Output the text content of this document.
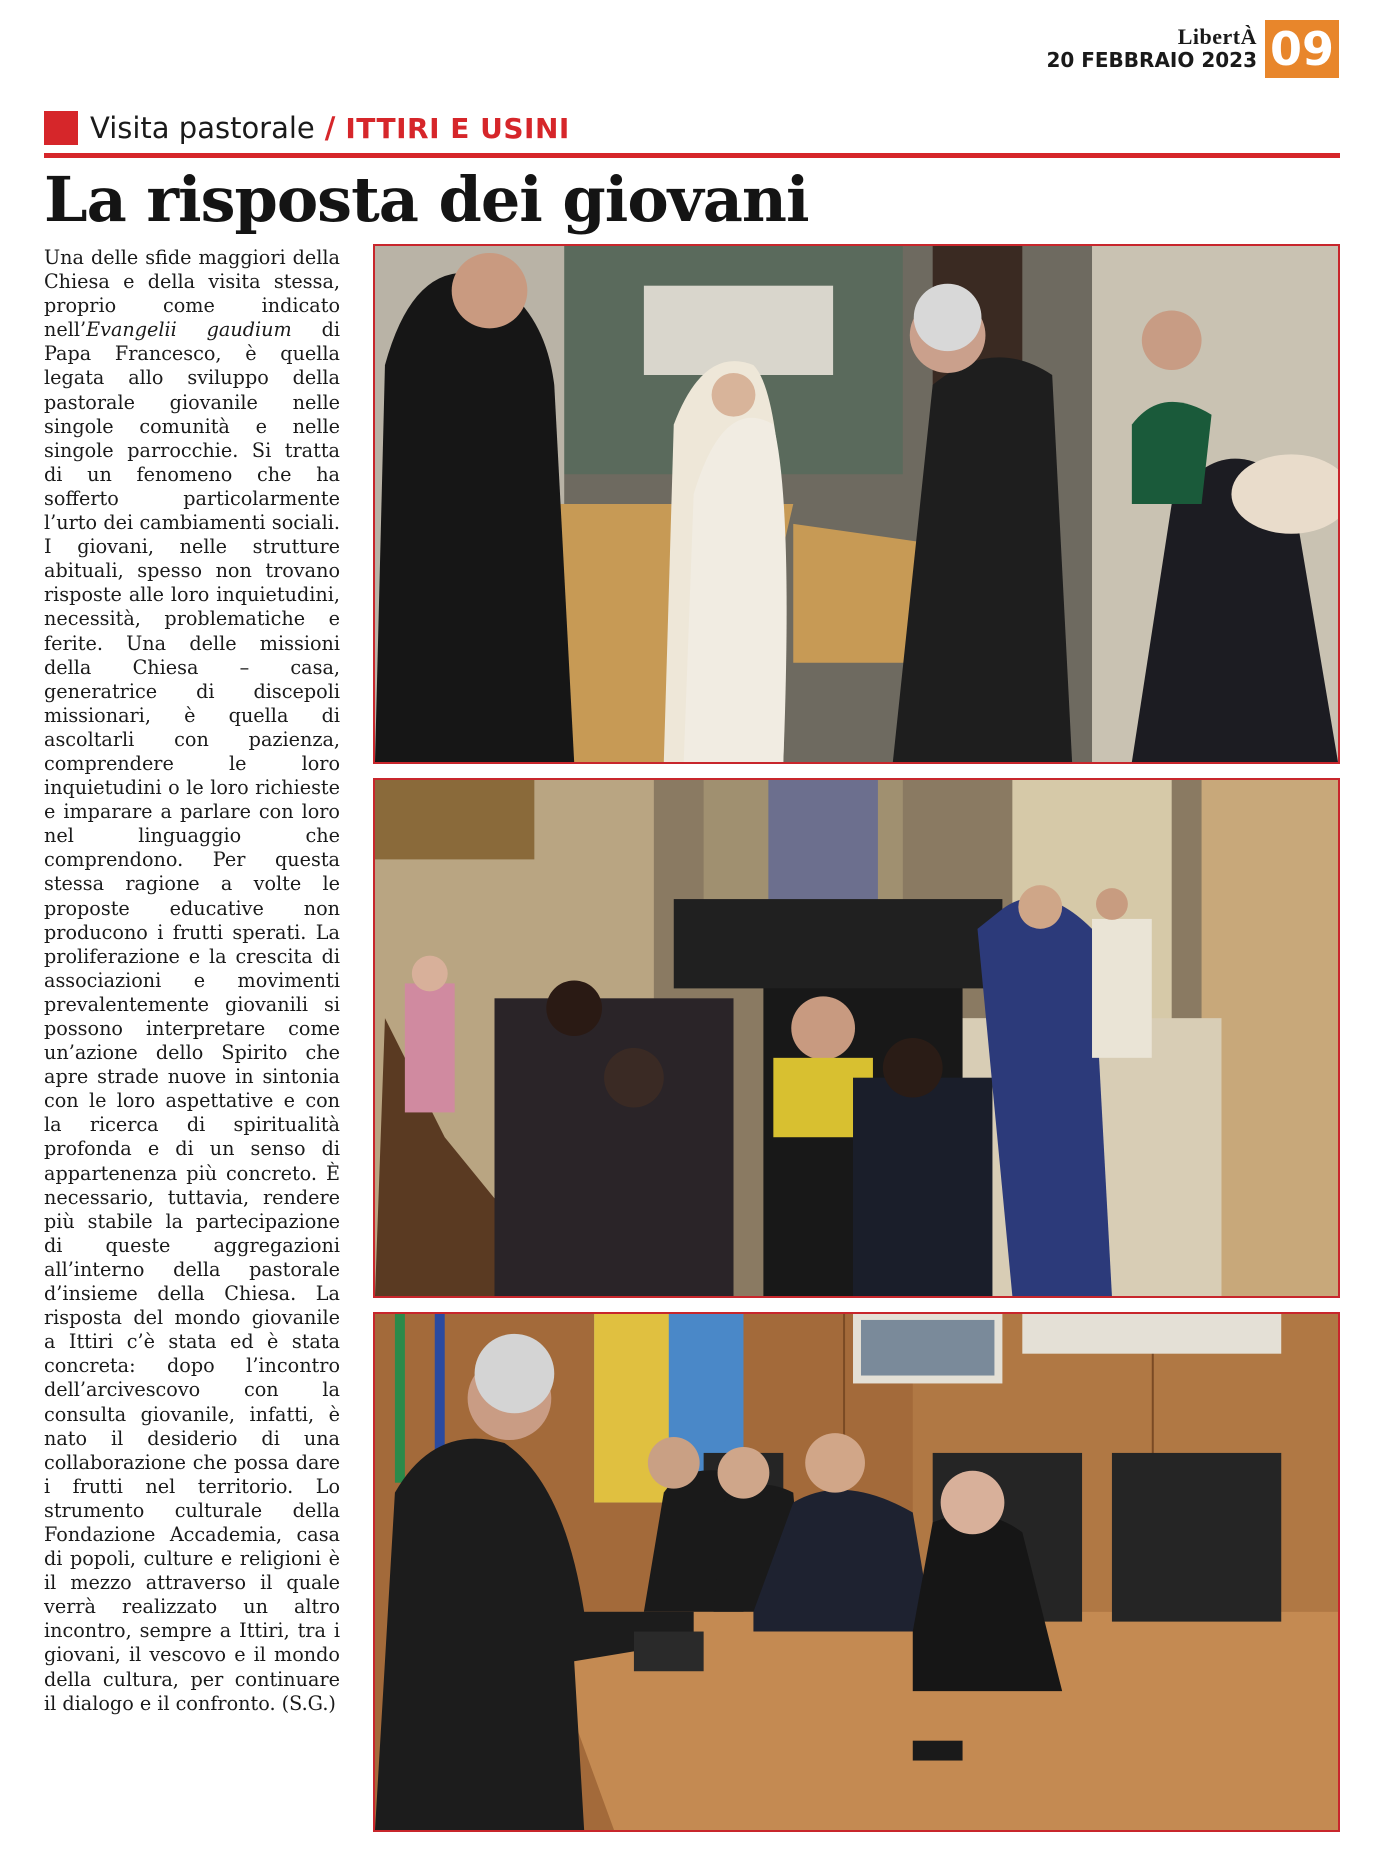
LibertÀ
20 FEBBRAIO 2023 09
Visita pastorale / ITTIRI E USINI
La risposta dei giovani

Una delle sfide maggiori della Chiesa e della visita stessa, proprio come indicato nell’Evangelii gaudium di Papa Francesco, è quella legata allo sviluppo della pastorale giovanile nelle singole comunità e nelle singole parrocchie. Si tratta di un fenomeno che ha sofferto particolarmente l’urto dei cambiamenti sociali. I giovani, nelle strutture abituali, spesso non trovano risposte alle loro inquietudini, necessità, problematiche e ferite. Una delle missioni della Chiesa – casa, generatrice di discepoli missionari, è quella di ascoltarli con pazienza, comprendere le loro inquietudini o le loro richieste e imparare a parlare con loro nel linguaggio che comprendono. Per questa stessa ragione a volte le proposte educative non producono i frutti sperati. La proliferazione e la crescita di associazioni e movimenti prevalentemente giovanili si possono interpretare come un’azione dello Spirito che apre strade nuove in sintonia con le loro aspettative e con la ricerca di spiritualità profonda e di un senso di appartenenza più concreto. È necessario, tuttavia, rendere più stabile la partecipazione di queste aggregazioni all’interno della pastorale d’insieme della Chiesa. La risposta del mondo giovanile a Ittiri c’è stata ed è stata concreta: dopo l’incontro dell’arcivescovo con la consulta giovanile, infatti, è nato il desiderio di una collaborazione che possa dare i frutti nel territorio. Lo strumento culturale della Fondazione Accademia, casa di popoli, culture e religioni è il mezzo attraverso il quale verrà realizzato un altro incontro, sempre a Ittiri, tra i giovani, il vescovo e il mondo della cultura, per continuare il dialogo e il confronto. (S.G.)
